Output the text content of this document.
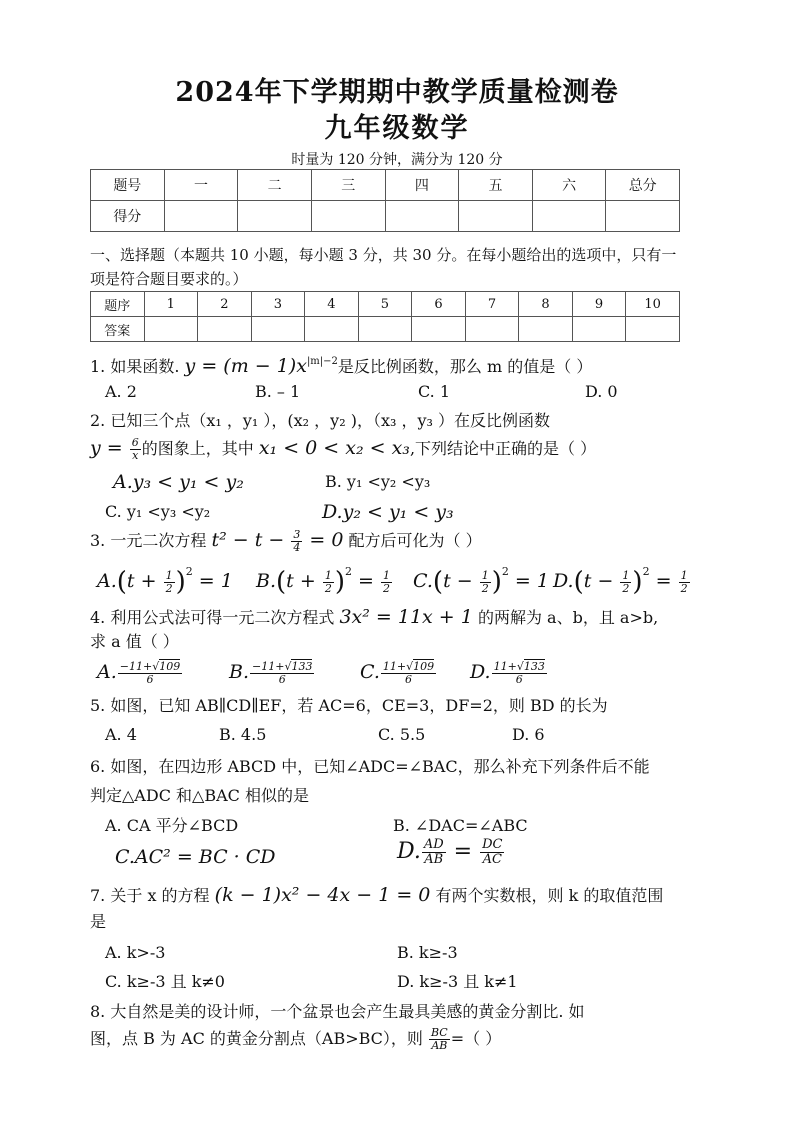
2024年下学期期中教学质量检测卷
九年级数学
时量为 120 分钟，满分为 120 分
题号	一	二	三	四	五	六	总分
得分							
一、选择题（本题共 10 小题，每小题 3 分，共 30 分。在每小题给出的选项中，只有一
项是符合题目要求的。）
题序	1	2	3	4	5	6	7	8	9	10
答案										
1. 如果函数. $y = (m - 1)x^{|m|-2}$是反比例函数，那么 m 的值是（ ）
A. 2	B. – 1	C. 1	D. 0
2. 已知三个点（x₁ ，y₁ ），(x₂ ，y₂ )，（x₃ ，y₃ ）在反比例函数
$y = \frac{6}{x}$ 的图象上，其中 x₁ < 0 < x₂ < x₃,下列结论中正确的是（ ）
A.y₃ < y₁ < y₂	B. y₁ <y₂ <y₃
C. y₁ <y₃ <y₂	D.y₂ < y₁ < y₃
3. 一元二次方程 $t^2 - t - \frac{3}{4} = 0$ 配方后可化为（ ）
$A.(t + \frac{1}{2} )^2 = 1$ $B.(t + \frac{1}{2} )^2 = \frac{1}{2} C.(t - \frac{1}{2} )^2 = 1$ $D.(t - \frac{1}{2} )^2 = \frac{1}{2}$
4. 利用公式法可得一元二次方程式 3x² = 11x + 1 的两解为 a、b，且 a>b,
求 a 值（ ）
A. $\frac{-11+√109}{6} B$. $\frac{-11+√133}{6} C$. $\frac{11+√109}{6} D$. $\frac{11+√133}{6}$
5. 如图，已知 AB∥CD∥EF，若 AC=6，CE=3，DF=2，则 BD 的长为
A. 4	B. 4.5	C. 5.5	D. 6
6. 如图，在四边形 ABCD 中，已知∠ADC=∠BAC，那么补充下列条件后不能
判定△ADC 和△BAC 相似的是
A. CA 平分∠BCD	B. ∠DAC=∠ABC
C.AC² = BC · CD	D. $\frac{AD}{AB} = \frac{DC}{AC}$
7. 关于 x 的方程 (k − 1)x² − 4x − 1 = 0 有两个实数根，则 k 的取值范围
是
A. k>-3	B. k≥-3
C. k≥-3 且 k≠0	D. k≥-3 且 k≠1
8. 大自然是美的设计师，一个盆景也会产生最具美感的黄金分割比. 如
图，点 B 为 AC 的黄金分割点（AB>BC），则 $\frac{BC}{AB}$ =（ ）
